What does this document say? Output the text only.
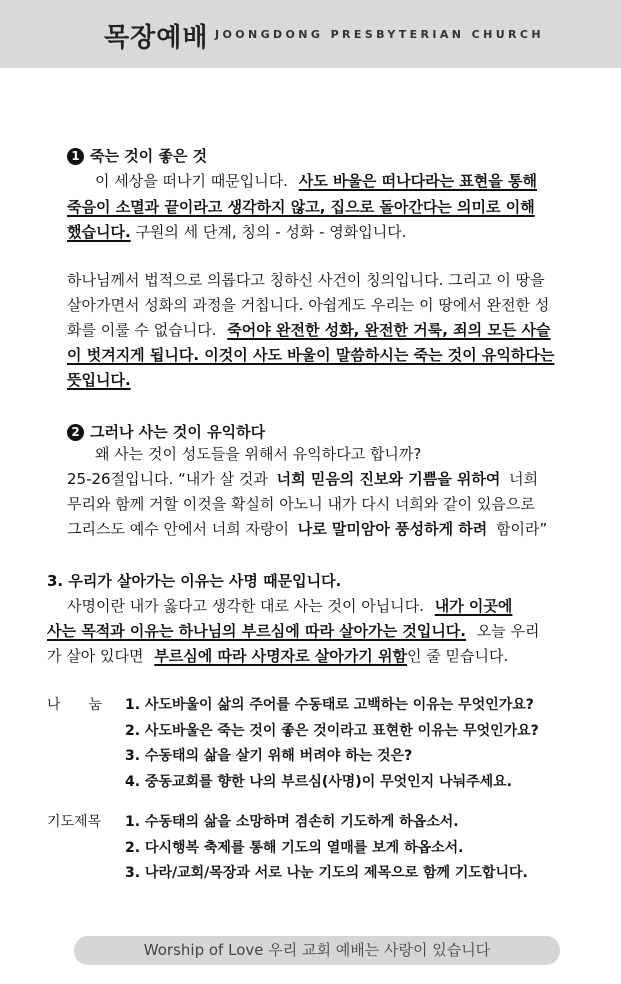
목장예배 JOONGDONG PRESBYTERIAN CHURCH
1 죽는 것이 좋은 것
이 세상을 떠나기 때문입니다. 사도 바울은 떠나다라는 표현을 통해
죽음이 소멸과 끝이라고 생각하지 않고, 집으로 돌아간다는 의미로 이해
했습니다. 구원의 세 단계, 칭의 - 성화 - 영화입니다.
하나님께서 법적으로 의롭다고 칭하신 사건이 칭의입니다. 그리고 이 땅을
살아가면서 성화의 과정을 거칩니다. 아쉽게도 우리는 이 땅에서 완전한 성
화를 이룰 수 없습니다. 죽어야 완전한 성화, 완전한 거룩, 죄의 모든 사슬
이 벗겨지게 됩니다. 이것이 사도 바울이 말씀하시는 죽는 것이 유익하다는
뜻입니다.
2 그러나 사는 것이 유익하다
왜 사는 것이 성도들을 위해서 유익하다고 합니까?
25-26절입니다. “내가 살 것과 너희 믿음의 진보와 기쁨을 위하여 너희
무리와 함께 거할 이것을 확실히 아노니 내가 다시 너희와 같이 있음으로
그리스도 예수 안에서 너희 자랑이 나로 말미암아 풍성하게 하려 함이라”
3. 우리가 살아가는 이유는 사명 때문입니다.
사명이란 내가 옳다고 생각한 대로 사는 것이 아닙니다. 내가 이곳에
사는 목적과 이유는 하나님의 부르심에 따라 살아가는 것입니다. 오늘 우리
가 살아 있다면 부르심에 따라 사명자로 살아가기 위함인 줄 믿습니다.
나 눔 1. 사도바울이 삶의 주어를 수동태로 고백하는 이유는 무엇인가요?
2. 사도바울은 죽는 것이 좋은 것이라고 표현한 이유는 무엇인가요?
3. 수동태의 삶을 살기 위해 버려야 하는 것은?
4. 중동교회를 향한 나의 부르심(사명)이 무엇인지 나눠주세요.
기도제목 1. 수동태의 삶을 소망하며 겸손히 기도하게 하옵소서.
2. 다시행복 축제를 통해 기도의 열매를 보게 하옵소서.
3. 나라/교회/목장과 서로 나눈 기도의 제목으로 함께 기도합니다.
Worship of Love 우리 교회 예배는 사랑이 있습니다
